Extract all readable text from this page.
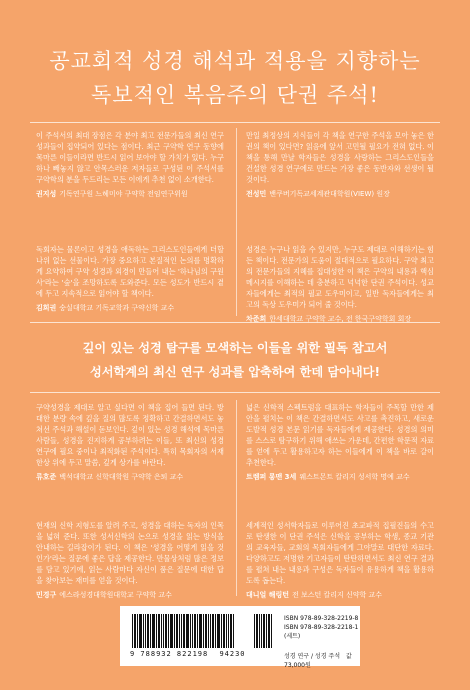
공교회적 성경 해석과 적용을 지향하는
독보적인 복음주의 단권 주석!

이 주석서의 최대 장점은 각 분야 최고 전문가들의 최신 연구 성과들이 집약되어 있다는 점이다. 최근 구약학 연구 동향에 목마른 이들이라면 반드시 읽어 보아야 할 가치가 있다. 누구 하나 빼놓지 않고 안목스러운 저자들로 구성된 이 주석서를 구약학의 분을 두드리는 모든 이에게 추천 없이 소개한다.

권지성 기독연구원 느헤미야 구약학 전임연구위원

독회자는 물론이고 성경을 애독하는 그리스도인들에게 더할 나위 없는 선물이다. 가장 중요하고 본질적인 논의를 명확하게 요약하여 구약 성경과 외경이 만들어 내는 '하나님의 구원사'라는 '숲'을 조망하도록 도와준다. 모든 성도가 반드시 곁에 두고 지속적으로 읽어야 할 책이다.

김희권 숭실대학교 기독교학과 구약신학 교수

만일 최정상의 지식들이 각 책을 연구한 주석을 모아 놓은 한 권의 책이 있다면? 읽음에 앞서 고민될 필요가 전혀 없다. 이 책을 통해 만날 학자들은 성경을 사랑하는 그리스도인들을 건설한 성경 연구에로 만드는 가장 좋은 동반자와 선생이 될 것이다.

전성민 밴쿠버기독교세계관대학원(VIEW) 원장

성경은 누구나 읽을 수 있지만, 누구도 제대로 이해하기는 힘든 책이다. 전문가의 도움이 절대적으로 필요하다. 구약 최고의 전문가들의 지혜를 집대성한 이 책은 구약의 내용과 핵심 메시지를 이해하는 데 충분하고 넉넉한 단권 주석이다. 성교자들에게는 최적의 필교 도우미이고, 일반 독자들에게는 최고의 독상 도우미가 되어 줄 것이다.

차준희 한세대학교 구약학 교수, 전 한국구약학회 회장
깊이 있는 성경 탐구를 모색하는 이들을 위한 필독 참고서
성서학계의 최신 연구 성과를 압축하여 한데 담아내다!

구약성경을 제대로 알고 싶다면 이 책을 집어 들면 된다. 방대한 분량 속에 깊을 질의 많도록 정확하고 간결하면서도 놓쳐선 주석과 해설이 돋보인다. 깊이 있는 성경 해석에 목마른 사람들, 성경을 진지하게 공부하려는 이들, 또 최신의 성경 연구에 필요 중이나 최적화된 주석이다. 특히 목회자의 서재 한상 위에 두고 말씀, 깊게 상가를 바란다.

류호준 백석대학교 신학대학원 구약학 은퇴 교수

현재의 신학 지형도를 알려 주고, 성경을 대하는 독자의 인목을 넓혀 준다. 또한 성서신학의 논으로 성경을 읽는 방식을 안내하는 길라잡이가 된다. 이 책은 '성경을 어떻게 읽을 것인가'라는 질문에 좋은 답을 제공한다. 만물상처럼 많은 정보를 담고 있기에, 읽는 사람마다 자신이 품은 질문에 대한 답을 찾아보는 재미를 얻을 것이다.

민경구 에스라성경대학원대학교 구약학 교수

넓은 신학적 스펙트럼을 대표하는 학자들이 주목할 만한 제안을 펼치는 이 책은 간결하면서도 사고를 촉진하고, 새로운 도발적 성경 본문 읽기를 독자들에게 제공한다. 성경의 의미를 스스로 탐구하기 위해 애쓰는 가운데, 간편한 학문적 자료를 얻에 두고 활용하고자 하는 이들에게 이 책을 바로 갈이 추천한다.

트렘퍼 롱맨 3세 웨스트몬트 칼리지 성서학 명예 교수

세계적인 성서학자들로 이루어진 초교파적 집필진들의 수고로 탄생한 이 단권 주석은 신학을 공부하는 학생, 종교 기관의 교육자들, 교회의 목회자들에게 그야말로 대단한 자료다. 다양하고도 저명한 기고자들이 탄탄하면서도 최신 연구 결과를 펼쳐 내는 내용과 구성은 독자들이 유용하게 책을 활용하도록 돕는다.

대니얼 해링턴 전 보스턴 칼리지 신약학 교수
9 788932 822198 94230
ISBN 978-89-328-2219-8
ISBN 978-89-328-2218-1 (세트)
성경 연구 / 성경 주석 값 73,000원
